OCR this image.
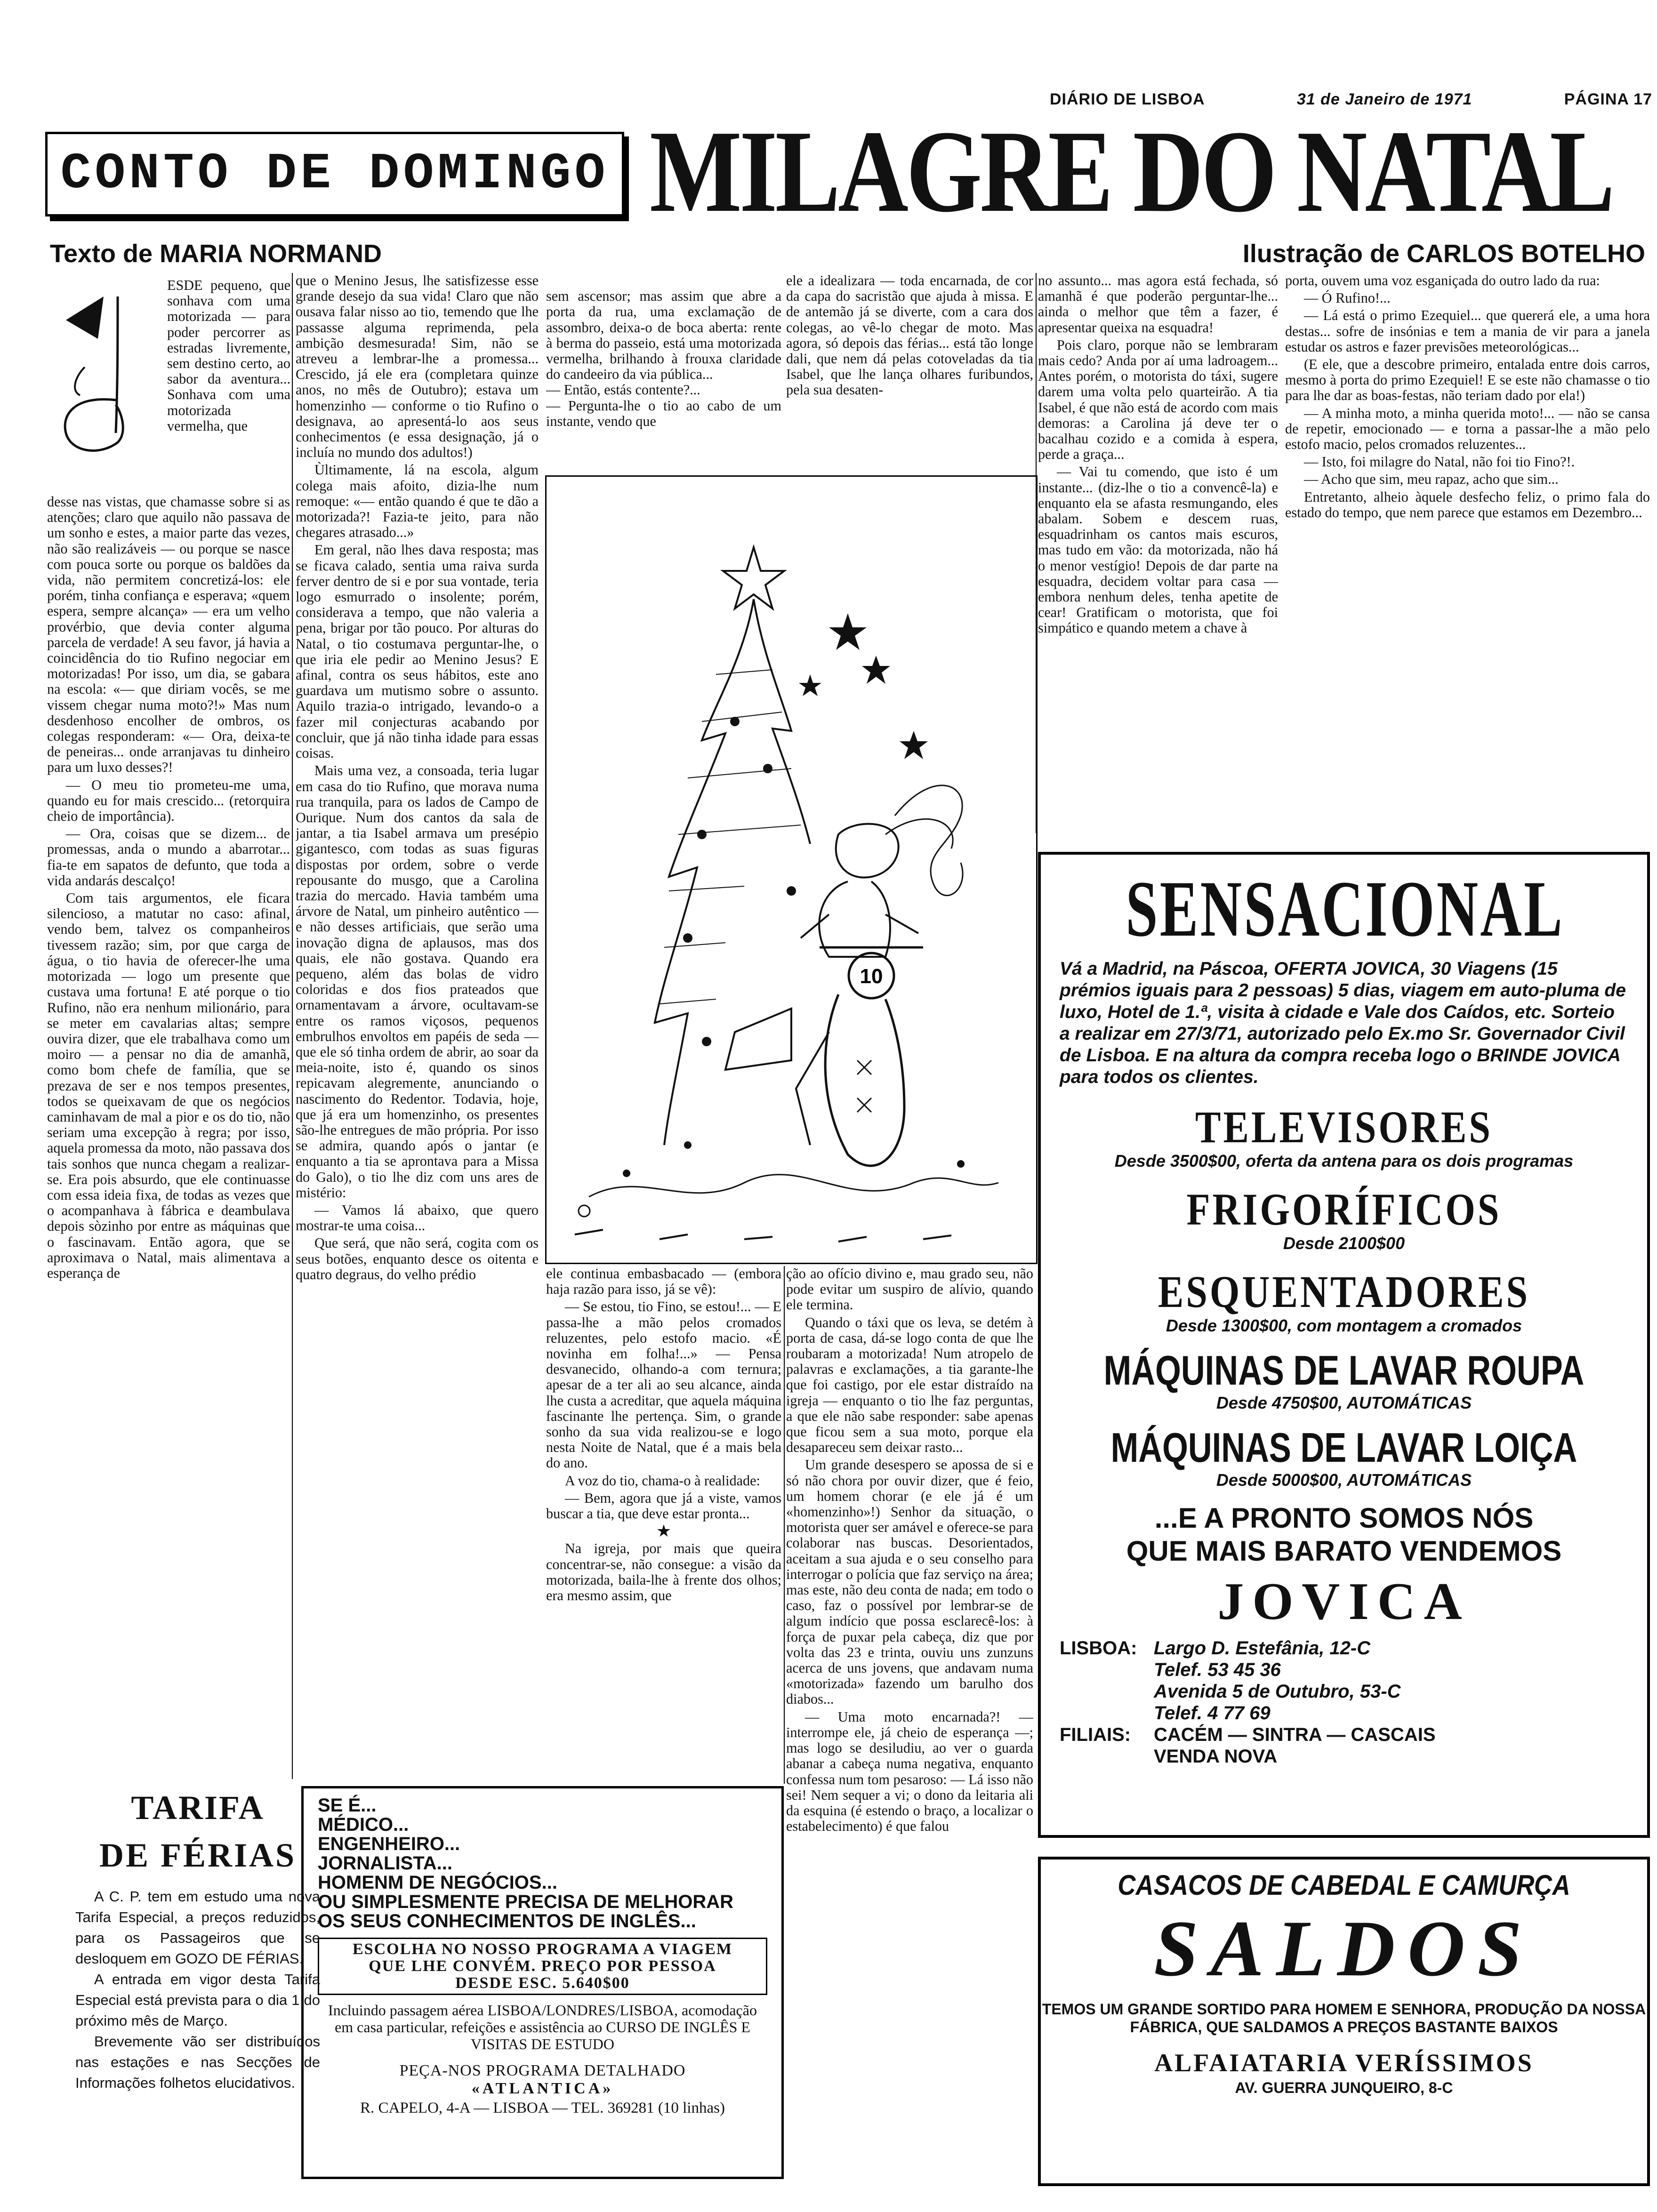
DIÁRIO DE LISBOA	31 de Janeiro de 1971	PÁGINA 17
CONTO DE DOMINGO MILAGRE DO NATAL
Texto de MARIA NORMAND	Ilustração de CARLOS BOTELHO

ESDE pequeno, que sonhava com uma motorizada — para poder percorrer as estradas livremente, sem destino certo, ao sabor da aventura... Sonhava com uma motorizada vermelha, que

desse nas vistas, que chamasse sobre si as atenções; claro que aquilo não passava de um sonho e estes, a maior parte das vezes, não são realizáveis — ou porque se nasce com pouca sorte ou porque os baldões da vida, não permitem concretizá-los: ele porém, tinha confiança e esperava; «quem espera, sempre alcança» — era um velho provérbio, que devia conter alguma parcela de verdade! A seu favor, já havia a coincidência do tio Rufino negociar em motorizadas! Por isso, um dia, se gabara na escola: «— que diriam vocês, se me vissem chegar numa moto?!» Mas num desdenhoso encolher de ombros, os colegas responderam: «— Ora, deixa-te de peneiras... onde arranjavas tu dinheiro para um luxo desses?!

— O meu tio prometeu-me uma, quando eu for mais crescido... (retorquira cheio de importância).

— Ora, coisas que se dizem... de promessas, anda o mundo a abarrotar... fia-te em sapatos de defunto, que toda a vida andarás descalço!

Com tais argumentos, ele ficara silencioso, a matutar no caso: afinal, vendo bem, talvez os companheiros tivessem razão; sim, por que carga de água, o tio havia de oferecer-lhe uma motorizada — logo um presente que custava uma fortuna! E até porque o tio Rufino, não era nenhum milionário, para se meter em cavalarias altas; sempre ouvira dizer, que ele trabalhava como um moiro — a pensar no dia de amanhã, como bom chefe de família, que se prezava de ser e nos tempos presentes, todos se queixavam de que os negócios caminhavam de mal a pior e os do tio, não seriam uma excepção à regra; por isso, aquela promessa da moto, não passava dos tais sonhos que nunca chegam a realizar-se. Era pois absurdo, que ele continuasse com essa ideia fixa, de todas as vezes que o acompanhava à fábrica e deambulava depois sòzinho por entre as máquinas que o fascinavam. Então agora, que se aproximava o Natal, mais alimentava a esperança de

que o Menino Jesus, lhe satisfizesse esse grande desejo da sua vida! Claro que não ousava falar nisso ao tio, temendo que lhe passasse alguma reprimenda, pela ambição desmesurada! Sim, não se atreveu a lembrar-lhe a promessa... Crescido, já ele era (completara quinze anos, no mês de Outubro); estava um homenzinho — conforme o tio Rufino o designava, ao apresentá-lo aos seus conhecimentos (e essa designação, já o incluía no mundo dos adultos!)

Ùltimamente, lá na escola, algum colega mais afoito, dizia-lhe num remoque: «— então quando é que te dão a motorizada?! Fazia-te jeito, para não chegares atrasado...»

Em geral, não lhes dava resposta; mas se ficava calado, sentia uma raiva surda ferver dentro de si e por sua vontade, teria logo esmurrado o insolente; porém, considerava a tempo, que não valeria a pena, brigar por tão pouco. Por alturas do Natal, o tio costumava perguntar-lhe, o que iria ele pedir ao Menino Jesus? E afinal, contra os seus hábitos, este ano guardava um mutismo sobre o assunto. Aquilo trazia-o intrigado, levando-o a fazer mil conjecturas acabando por concluir, que já não tinha idade para essas coisas.

Mais uma vez, a consoada, teria lugar em casa do tio Rufino, que morava numa rua tranquila, para os lados de Campo de Ourique. Num dos cantos da sala de jantar, a tia Isabel armava um presépio gigantesco, com todas as suas figuras dispostas por ordem, sobre o verde repousante do musgo, que a Carolina trazia do mercado. Havia também uma árvore de Natal, um pinheiro autêntico — e não desses artificiais, que serão uma inovação digna de aplausos, mas dos quais, ele não gostava. Quando era pequeno, além das bolas de vidro coloridas e dos fios prateados que ornamentavam a árvore, ocultavam-se entre os ramos viçosos, pequenos embrulhos envoltos em papéis de seda — que ele só tinha ordem de abrir, ao soar da meia-noite, isto é, quando os sinos repicavam alegremente, anunciando o nascimento do Redentor. Todavia, hoje, que já era um homenzinho, os presentes são-lhe entregues de mão própria. Por isso se admira, quando após o jantar (e enquanto a tia se aprontava para a Missa do Galo), o tio lhe diz com uns ares de mistério:

— Vamos lá abaixo, que quero mostrar-te uma coisa...

Que será, que não será, cogita com os seus botões, enquanto desce os oitenta e quatro degraus, do velho prédio

sem ascensor; mas assim que abre a porta da rua, uma exclamação de assombro, deixa-o de boca aberta: rente à berma do passeio, está uma motorizada vermelha, brilhando à frouxa claridade do candeeiro da via pública...
— Então, estás contente?...
— Pergunta-lhe o tio ao cabo de um instante, vendo que

ele a idealizara — toda encarnada, de cor da capa do sacristão que ajuda à missa. E de antemão já se diverte, com a cara dos colegas, ao vê-lo chegar de moto. Mas agora, só depois das férias... está tão longe dali, que nem dá pelas cotoveladas da tia Isabel, que lhe lança olhares furibundos, pela sua desaten-

10

ele continua embasbacado — (embora haja razão para isso, já se vê):

— Se estou, tio Fino, se estou!... — E passa-lhe a mão pelos cromados reluzentes, pelo estofo macio. «É novinha em folha!...» — Pensa desvanecido, olhando-a com ternura; apesar de a ter ali ao seu alcance, ainda lhe custa a acreditar, que aquela máquina fascinante lhe pertença. Sim, o grande sonho da sua vida realizou-se e logo nesta Noite de Natal, que é a mais bela do ano.

A voz do tio, chama-o à realidade:

— Bem, agora que já a viste, vamos buscar a tia, que deve estar pronta...

★

Na igreja, por mais que queira concentrar-se, não consegue: a visão da motorizada, baila-lhe à frente dos olhos; era mesmo assim, que

ção ao ofício divino e, mau grado seu, não pode evitar um suspiro de alívio, quando ele termina.

Quando o táxi que os leva, se detém à porta de casa, dá-se logo conta de que lhe roubaram a motorizada! Num atropelo de palavras e exclamações, a tia garante-lhe que foi castigo, por ele estar distraído na igreja — enquanto o tio lhe faz perguntas, a que ele não sabe responder: sabe apenas que ficou sem a sua moto, porque ela desapareceu sem deixar rasto...

Um grande desespero se apossa de si e só não chora por ouvir dizer, que é feio, um homem chorar (e ele já é um «homenzinho»!) Senhor da situação, o motorista quer ser amável e oferece-se para colaborar nas buscas. Desorientados, aceitam a sua ajuda e o seu conselho para interrogar o polícia que faz serviço na área; mas este, não deu conta de nada; em todo o caso, faz o possível por lembrar-se de algum indício que possa esclarecê-los: à força de puxar pela cabeça, diz que por volta das 23 e trinta, ouviu uns zunzuns acerca de uns jovens, que andavam numa «motorizada» fazendo um barulho dos diabos...

— Uma moto encarnada?! — interrompe ele, já cheio de esperança —; mas logo se desiludiu, ao ver o guarda abanar a cabeça numa negativa, enquanto confessa num tom pesaroso: — Lá isso não sei! Nem sequer a vi; o dono da leitaria ali da esquina (é estendo o braço, a localizar o estabelecimento) é que falou

no assunto... mas agora está fechada, só amanhã é que poderão perguntar-lhe... ainda o melhor que têm a fazer, é apresentar queixa na esquadra!

Pois claro, porque não se lembraram mais cedo? Anda por aí uma ladroagem... Antes porém, o motorista do táxi, sugere darem uma volta pelo quarteirão. A tia Isabel, é que não está de acordo com mais demoras: a Carolina já deve ter o bacalhau cozido e a comida à espera, perde a graça...

— Vai tu comendo, que isto é um instante... (diz-lhe o tio a convencê-la) e enquanto ela se afasta resmungando, eles abalam. Sobem e descem ruas, esquadrinham os cantos mais escuros, mas tudo em vão: da motorizada, não há o menor vestígio! Depois de dar parte na esquadra, decidem voltar para casa — embora nenhum deles, tenha apetite de cear! Gratificam o motorista, que foi simpático e quando metem a chave à

porta, ouvem uma voz esganiçada do outro lado da rua:

— Ó Rufino!...

— Lá está o primo Ezequiel... que quererá ele, a uma hora destas... sofre de insónias e tem a mania de vir para a janela estudar os astros e fazer previsões meteorológicas...

(E ele, que a descobre primeiro, entalada entre dois carros, mesmo à porta do primo Ezequiel! E se este não chamasse o tio para lhe dar as boas-festas, não teriam dado por ela!)

— A minha moto, a minha querida moto!... — não se cansa de repetir, emocionado — e torna a passar-lhe a mão pelo estofo macio, pelos cromados reluzentes...

— Isto, foi milagre do Natal, não foi tio Fino?!.

— Acho que sim, meu rapaz, acho que sim...

Entretanto, alheio àquele desfecho feliz, o primo fala do estado do tempo, que nem parece que estamos em Dezembro...

SENSACIONAL
Vá a Madrid, na Páscoa, OFERTA JOVICA, 30 Viagens (15 prémios iguais para 2 pessoas) 5 dias, viagem em auto-pluma de luxo, Hotel de 1.ª, visita à cidade e Vale dos Caídos, etc. Sorteio a realizar em 27/3/71, autorizado pelo Ex.mo Sr. Governador Civil de Lisboa. E na altura da compra receba logo o BRINDE JOVICA para todos os clientes.
TELEVISORES
Desde 3500$00, oferta da antena para os dois programas
FRIGORÍFICOS
Desde 2100$00
ESQUENTADORES
Desde 1300$00, com montagem a cromados
MÁQUINAS DE LAVAR ROUPA
Desde 4750$00, AUTOMÁTICAS
MÁQUINAS DE LAVAR LOIÇA
Desde 5000$00, AUTOMÁTICAS
...E A PRONTO SOMOS NÓS
QUE MAIS BARATO VENDEMOS
JOVICA
LISBOA: Largo D. Estefânia, 12-C
Telef. 53 45 36
Avenida 5 de Outubro, 53-C
Telef. 4 77 69
FILIAIS: CACÉM — SINTRA — CASCAIS
VENDA NOVA
CASACOS DE CABEDAL E CAMURÇA
SALDOS
TEMOS UM GRANDE SORTIDO PARA HOMEM E SENHORA, PRODUÇÃO DA NOSSA FÁBRICA, QUE SALDAMOS A PREÇOS BASTANTE BAIXOS
ALFAIATARIA VERÍSSIMOS
AV. GUERRA JUNQUEIRO, 8-C
TARIFA
DE FÉRIAS

A C. P. tem em estudo uma nova Tarifa Especial, a preços reduzidos, para os Passageiros que se desloquem em GOZO DE FÉRIAS.

A entrada em vigor desta Tarifa Especial está prevista para o dia 1 do próximo mês de Março.

Brevemente vão ser distribuídos nas estações e nas Secções de Informações folhetos elucidativos.

SE É...
MÉDICO...
ENGENHEIRO...
JORNALISTA...
HOMENM DE NEGÓCIOS...
OU SIMPLESMENTE PRECISA DE MELHORAR
OS SEUS CONHECIMENTOS DE INGLÊS...
ESCOLHA NO NOSSO PROGRAMA A VIAGEM
QUE LHE CONVÉM. PREÇO POR PESSOA
DESDE ESC. 5.640$00
Incluindo passagem aérea LISBOA/LONDRES/LISBOA, acomodação em casa particular, refeições e assistência ao CURSO DE INGLÊS E VISITAS DE ESTUDO
PEÇA-NOS PROGRAMA DETALHADO
«ATLANTICA»
R. CAPELO, 4-A — LISBOA — TEL. 369281 (10 linhas)
